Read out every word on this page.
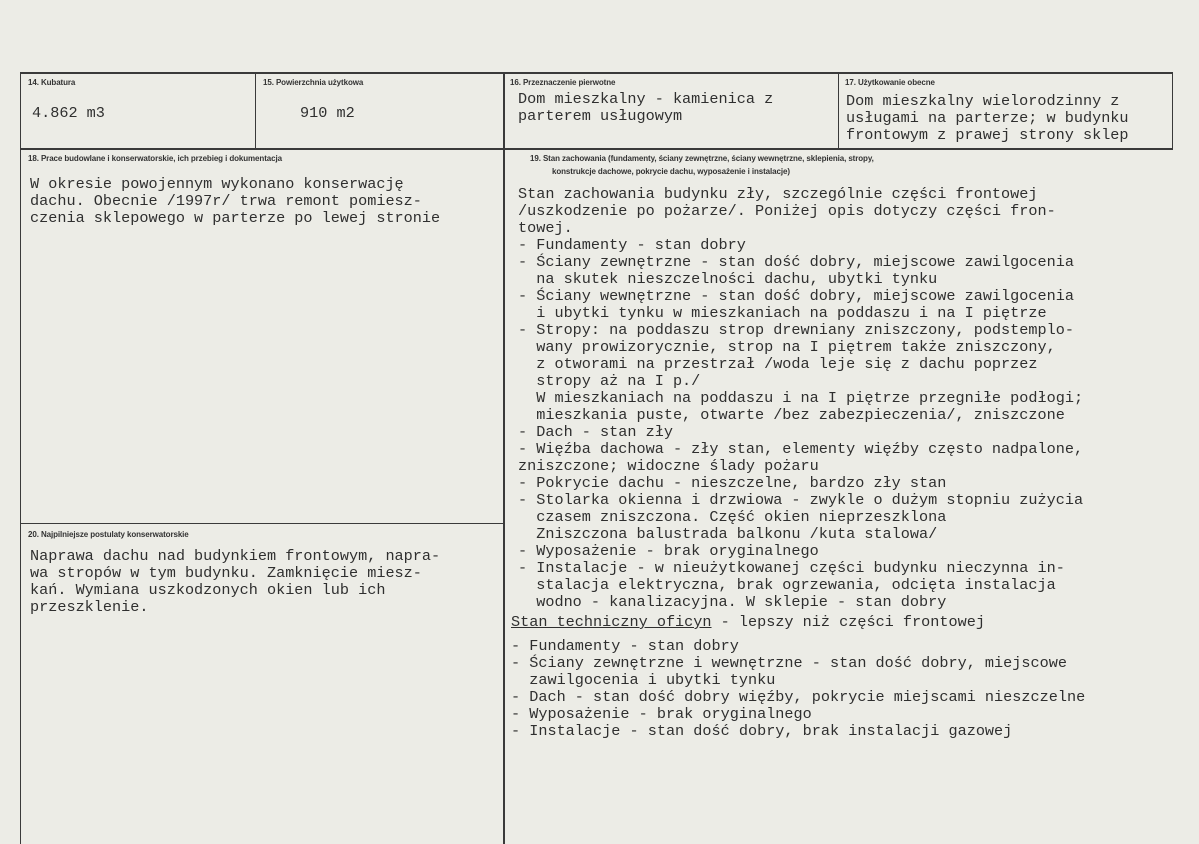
14. Kubatura
4.862 m3
15. Powierzchnia użytkowa
910 m2
16. Przeznaczenie pierwotne
Dom mieszkalny - kamienica z
parterem usługowym
17. Użytkowanie obecne
Dom mieszkalny wielorodzinny z
usługami na parterze; w budynku
frontowym z prawej strony sklep
18. Prace budowlane i konserwatorskie, ich przebieg i dokumentacja
W okresie powojennym wykonano konserwację
dachu. Obecnie /1997r/ trwa remont pomiesz-
czenia sklepowego w parterze po lewej stronie
20. Najpilniejsze postulaty konserwatorskie
Naprawa dachu nad budynkiem frontowym, napra-
wa stropów w tym budynku. Zamknięcie miesz-
kań. Wymiana uszkodzonych okien lub ich
przeszklenie.
19. Stan zachowania (fundamenty, ściany zewnętrzne, ściany wewnętrzne, sklepienia, stropy,
konstrukcje dachowe, pokrycie dachu, wyposażenie i instalacje)
Stan zachowania budynku zły, szczególnie części frontowej
/uszkodzenie po pożarze/. Poniżej opis dotyczy części fron-
towej.
- Fundamenty - stan dobry
- Ściany zewnętrzne - stan dość dobry, miejscowe zawilgocenia
na skutek nieszczelności dachu, ubytki tynku
- Ściany wewnętrzne - stan dość dobry, miejscowe zawilgocenia
i ubytki tynku w mieszkaniach na poddaszu i na I piętrze
- Stropy: na poddaszu strop drewniany zniszczony, podstemplo-
wany prowizorycznie, strop na I piętrem także zniszczony,
z otworami na przestrzał /woda leje się z dachu poprzez
stropy aż na I p./
W mieszkaniach na poddaszu i na I piętrze przegniłe podłogi;
mieszkania puste, otwarte /bez zabezpieczenia/, zniszczone
- Dach - stan zły
- Więźba dachowa - zły stan, elementy więźby często nadpalone,
zniszczone; widoczne ślady pożaru
- Pokrycie dachu - nieszczelne, bardzo zły stan
- Stolarka okienna i drzwiowa - zwykle o dużym stopniu zużycia
czasem zniszczona. Część okien nieprzeszklona
Zniszczona balustrada balkonu /kuta stalowa/
- Wyposażenie - brak oryginalnego
- Instalacje - w nieużytkowanej części budynku nieczynna in-
stalacja elektryczna, brak ogrzewania, odcięta instalacja
wodno - kanalizacyjna. W sklepie - stan dobry
Stan techniczny oficyn - lepszy niż części frontowej
- Fundamenty - stan dobry
- Ściany zewnętrzne i wewnętrzne - stan dość dobry, miejscowe
zawilgocenia i ubytki tynku
- Dach - stan dość dobry więźby, pokrycie miejscami nieszczelne
- Wyposażenie - brak oryginalnego
- Instalacje - stan dość dobry, brak instalacji gazowej
